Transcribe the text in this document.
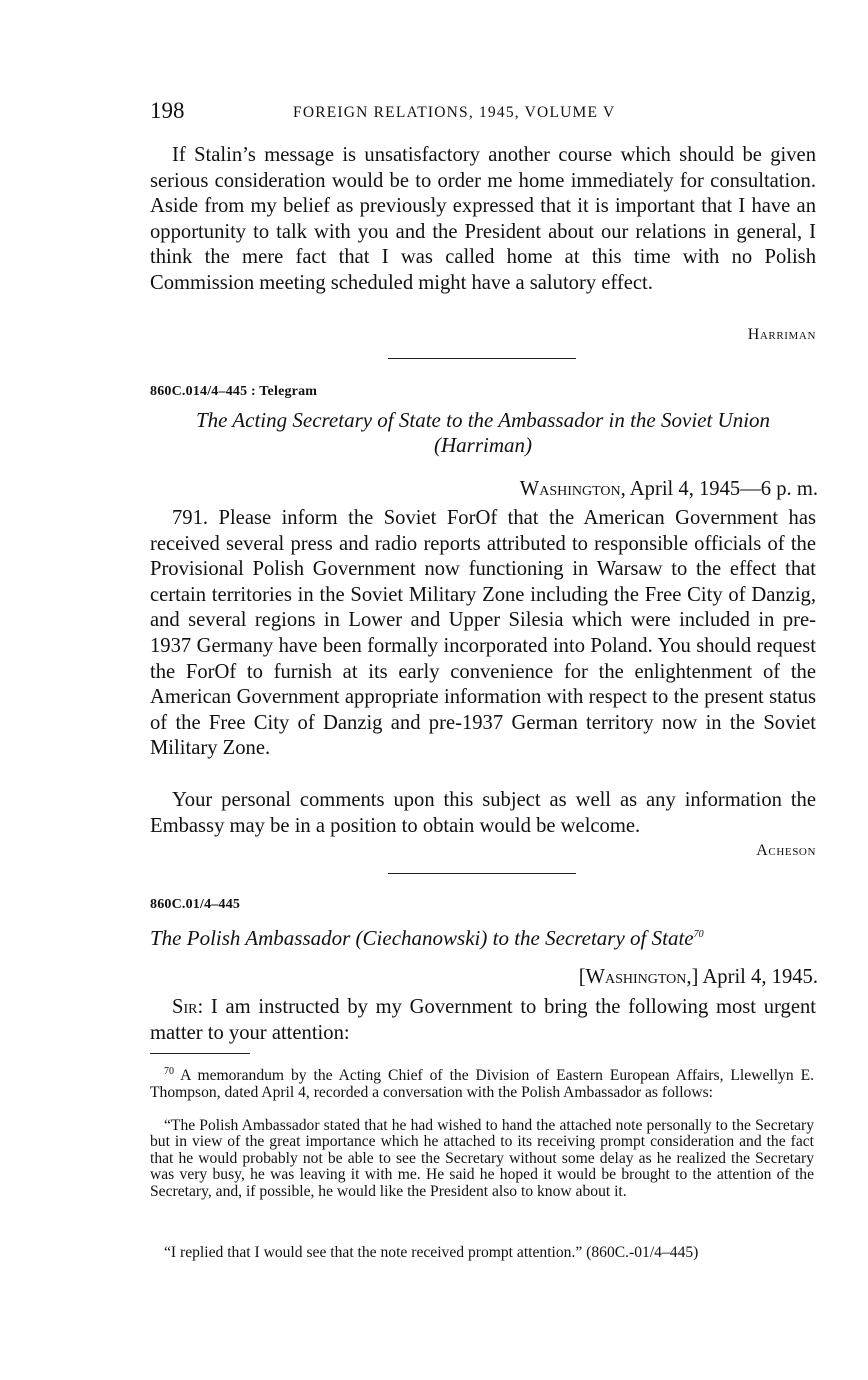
198	FOREIGN RELATIONS, 1945, VOLUME V

If Stalin’s message is unsatisfactory another course which should be given serious consideration would be to order me home immediately for consultation. Aside from my belief as previously expressed that it is important that I have an opportunity to talk with you and the President about our relations in general, I think the mere fact that I was called home at this time with no Polish Commission meeting scheduled might have a salutory effect.

Harriman
860C.014/4–445 : Telegram
The Acting Secretary of State to the Ambassador in the Soviet Union
(Harriman)
Washington, April 4, 1945—6 p. m.

791. Please inform the Soviet ForOf that the American Government has received several press and radio reports attributed to responsible officials of the Provisional Polish Government now functioning in Warsaw to the effect that certain territories in the Soviet Military Zone including the Free City of Danzig, and several regions in Lower and Upper Silesia which were included in pre-1937 Germany have been formally incorporated into Poland. You should request the ForOf to furnish at its early convenience for the enlightenment of the American Government appropriate information with respect to the present status of the Free City of Danzig and pre-1937 German territory now in the Soviet Military Zone.

Your personal comments upon this subject as well as any information the Embassy may be in a position to obtain would be welcome.

Acheson
860C.01/4–445
The Polish Ambassador (Ciechanowski) to the Secretary of State$^{70}$
[Washington,] April 4, 1945.

Sir: I am instructed by my Government to bring the following most urgent matter to your attention:

$^{70}$ A memorandum by the Acting Chief of the Division of Eastern European Affairs, Llewellyn E. Thompson, dated April 4, recorded a conversation with the Polish Ambassador as follows:

“The Polish Ambassador stated that he had wished to hand the attached note personally to the Secretary but in view of the great importance which he attached to its receiving prompt consideration and the fact that he would probably not be able to see the Secretary without some delay as he realized the Secretary was very busy, he was leaving it with me. He said he hoped it would be brought to the attention of the Secretary, and, if possible, he would like the President also to know about it.

“I replied that I would see that the note received prompt attention.” (860C.-01/4–445)
